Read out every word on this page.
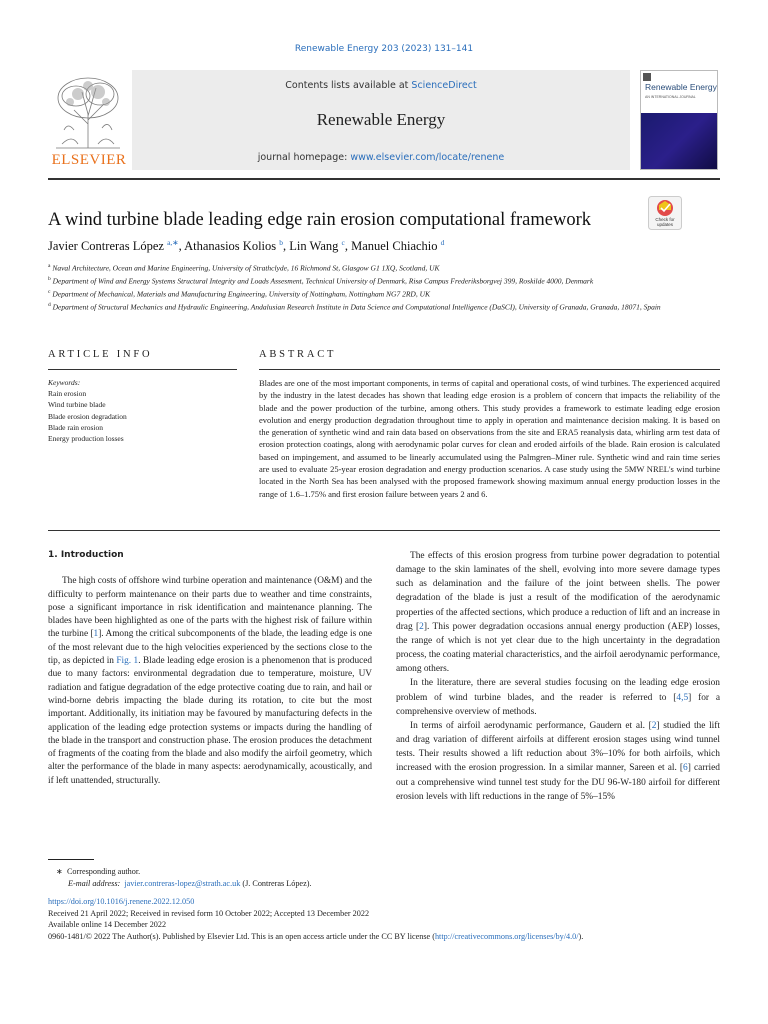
Renewable Energy 203 (2023) 131–141
ELSEVIER
Contents lists available at ScienceDirect
Renewable Energy
journal homepage: www.elsevier.com/locate/renene
Renewable Energy
AN INTERNATIONAL JOURNAL
A wind turbine blade leading edge rain erosion computational framework	Check for
updates
Javier Contreras López $^{a,∗}$, Athanasios Kolios $^b$, Lin Wang $^c$, Manuel Chiachio $^d$
$^a$ Naval Architecture, Ocean and Marine Engineering, University of Strathclyde, 16 Richmond St, Glasgow G1 1XQ, Scotland, UK
$^b$ Department of Wind and Energy Systems Structural Integrity and Loads Assesment, Technical University of Denmark, Risø Campus Frederiksborgvej 399, Roskilde 4000, Denmark
$^c$ Department of Mechanical, Materials and Manufacturing Engineering, University of Nottingham, Nottingham NG7 2RD, UK
$^d$ Department of Structural Mechanics and Hydraulic Engineering, Andalusian Research Institute in Data Science and Computational Intelligence (DaSCI), University of Granada, Granada, 18071, Spain
ARTICLE INFO	ABSTRACT
Keywords:
Rain erosion
Wind turbine blade
Blade erosion degradation
Blade rain erosion
Energy production losses
Blades are one of the most important components, in terms of capital and operational costs, of wind turbines. The experienced acquired by the industry in the latest decades has shown that leading edge erosion is a problem of concern that impacts the reliability of the blade and the power production of the turbine, among others. This study provides a framework to estimate leading edge erosion evolution and energy production degradation throughout time to apply in operation and maintenance decision making. It is based on the generation of synthetic wind and rain data based on observations from the site and ERA5 reanalysis data, whirling arm test data of erosion protection coatings, along with aerodynamic polar curves for clean and eroded airfoils of the blade. Rain erosion is calculated based on impingement, and assumed to be linearly accumulated using the Palmgren–Miner rule. Synthetic wind and rain time series are used to evaluate 25-year erosion degradation and energy production scenarios. A case study using the 5MW NREL's wind turbine located in the North Sea has been analysed with the proposed framework showing maximum annual energy production losses in the range of 1.6–1.75% and first erosion failure between years 2 and 6.
1. Introduction

The high costs of offshore wind turbine operation and maintenance (O&M) and the difficulty to perform maintenance on their parts due to weather and time constraints, pose a significant importance in risk identification and maintenance planning. The blades have been highlighted as one of the parts with the highest risk of failure within the turbine [1]. Among the critical subcomponents of the blade, the leading edge is one of the most relevant due to the high velocities experienced by the sections close to the tip, as depicted in Fig. 1. Blade leading edge erosion is a phenomenon that is produced due to many factors: environmental degradation due to temperature, moisture, UV radiation and fatigue degradation of the edge protective coating due to rain, and hail or wind-borne debris impacting the blade during its rotation, to cite but the most important. Additionally, its initiation may be favoured by manufacturing defects in the application of the leading edge protection systems or impacts during the handling of the blade in the transport and construction phase. The erosion produces the detachment of fragments of the coating from the blade and also modify the airfoil geometry, which alter the performance of the blade in many aspects: aerodynamically, acoustically, and if left unattended, structurally.

The effects of this erosion progress from turbine power degradation to potential damage to the skin laminates of the shell, evolving into more severe damage types such as delamination and the failure of the joint between shells. The power degradation of the blade is just a result of the modification of the aerodynamic properties of the affected sections, which produce a reduction of lift and an increase in drag [2]. This power degradation occasions annual energy production (AEP) losses, the range of which is not yet clear due to the high uncertainty in the degradation process, the coating material characteristics, and the airfoil aerodynamic performance, among others.

In the literature, there are several studies focusing on the leading edge erosion problem of wind turbine blades, and the reader is referred to [4,5] for a comprehensive overview of methods.

In terms of airfoil aerodynamic performance, Gaudern et al. [2] studied the lift and drag variation of different airfoils at different erosion stages using wind tunnel tests. Their results showed a lift reduction about 3%–10% for both airfoils, which increased with the erosion progression. In a similar manner, Sareen et al. [6] carried out a comprehensive wind tunnel test study for the DU 96-W-180 airfoil for different erosion levels with lift reductions in the range of 5%–15%

∗ Corresponding author.
E-mail address: javier.contreras-lopez@strath.ac.uk (J. Contreras López).
https://doi.org/10.1016/j.renene.2022.12.050
Received 21 April 2022; Received in revised form 10 October 2022; Accepted 13 December 2022
Available online 14 December 2022
0960-1481/© 2022 The Author(s). Published by Elsevier Ltd. This is an open access article under the CC BY license (http://creativecommons.org/licenses/by/4.0/).
